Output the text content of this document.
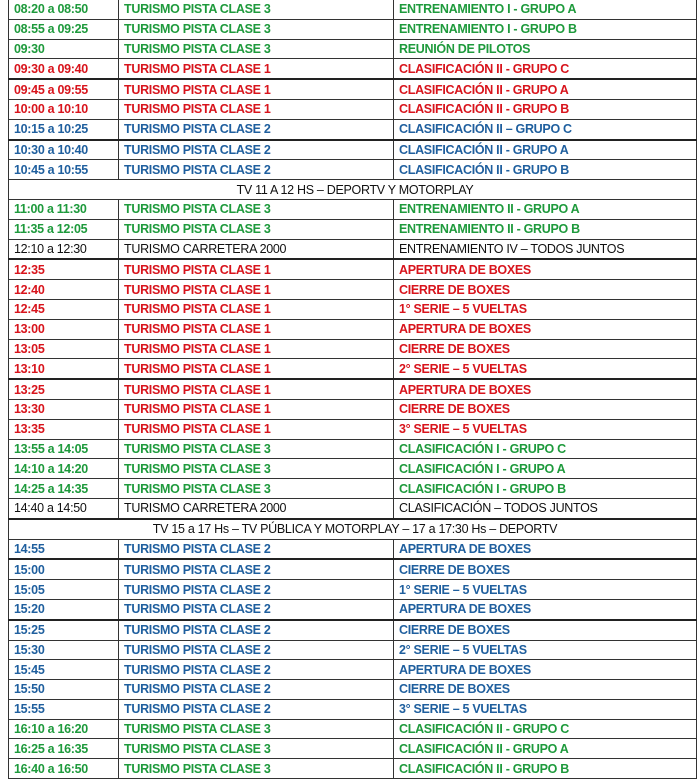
08:20 a 08:50	TURISMO PISTA CLASE 3	ENTRENAMIENTO I - GRUPO A
08:55 a 09:25	TURISMO PISTA CLASE 3	ENTRENAMIENTO I - GRUPO B
09:30	TURISMO PISTA CLASE 3	REUNIÓN DE PILOTOS
09:30 a 09:40	TURISMO PISTA CLASE 1	CLASIFICACIÓN II - GRUPO C
09:45 a 09:55	TURISMO PISTA CLASE 1	CLASIFICACIÓN II - GRUPO A
10:00 a 10:10	TURISMO PISTA CLASE 1	CLASIFICACIÓN II - GRUPO B
10:15 a 10:25	TURISMO PISTA CLASE 2	CLASIFICACIÓN II – GRUPO C
10:30 a 10:40	TURISMO PISTA CLASE 2	CLASIFICACIÓN II - GRUPO A
10:45 a 10:55	TURISMO PISTA CLASE 2	CLASIFICACIÓN II - GRUPO B
TV 11 A 12 HS – DEPORTV Y MOTORPLAY		
11:00 a 11:30	TURISMO PISTA CLASE 3	ENTRENAMIENTO II - GRUPO A
11:35 a 12:05	TURISMO PISTA CLASE 3	ENTRENAMIENTO II - GRUPO B
12:10 a 12:30	TURISMO CARRETERA 2000	ENTRENAMIENTO IV – TODOS JUNTOS
12:35	TURISMO PISTA CLASE 1	APERTURA DE BOXES
12:40	TURISMO PISTA CLASE 1	CIERRE DE BOXES
12:45	TURISMO PISTA CLASE 1	1° SERIE – 5 VUELTAS
13:00	TURISMO PISTA CLASE 1	APERTURA DE BOXES
13:05	TURISMO PISTA CLASE 1	CIERRE DE BOXES
13:10	TURISMO PISTA CLASE 1	2° SERIE – 5 VUELTAS
13:25	TURISMO PISTA CLASE 1	APERTURA DE BOXES
13:30	TURISMO PISTA CLASE 1	CIERRE DE BOXES
13:35	TURISMO PISTA CLASE 1	3° SERIE – 5 VUELTAS
13:55 a 14:05	TURISMO PISTA CLASE 3	CLASIFICACIÓN I - GRUPO C
14:10 a 14:20	TURISMO PISTA CLASE 3	CLASIFICACIÓN I - GRUPO A
14:25 a 14:35	TURISMO PISTA CLASE 3	CLASIFICACIÓN I - GRUPO B
14:40 a 14:50	TURISMO CARRETERA 2000	CLASIFICACIÓN – TODOS JUNTOS
TV 15 a 17 Hs – TV PÚBLICA Y MOTORPLAY – 17 a 17:30 Hs – DEPORTV		
14:55	TURISMO PISTA CLASE 2	APERTURA DE BOXES
15:00	TURISMO PISTA CLASE 2	CIERRE DE BOXES
15:05	TURISMO PISTA CLASE 2	1° SERIE – 5 VUELTAS
15:20	TURISMO PISTA CLASE 2	APERTURA DE BOXES
15:25	TURISMO PISTA CLASE 2	CIERRE DE BOXES
15:30	TURISMO PISTA CLASE 2	2° SERIE – 5 VUELTAS
15:45	TURISMO PISTA CLASE 2	APERTURA DE BOXES
15:50	TURISMO PISTA CLASE 2	CIERRE DE BOXES
15:55	TURISMO PISTA CLASE 2	3° SERIE – 5 VUELTAS
16:10 a 16:20	TURISMO PISTA CLASE 3	CLASIFICACIÓN II - GRUPO C
16:25 a 16:35	TURISMO PISTA CLASE 3	CLASIFICACIÓN II - GRUPO A
16:40 a 16:50	TURISMO PISTA CLASE 3	CLASIFICACIÓN II - GRUPO B
